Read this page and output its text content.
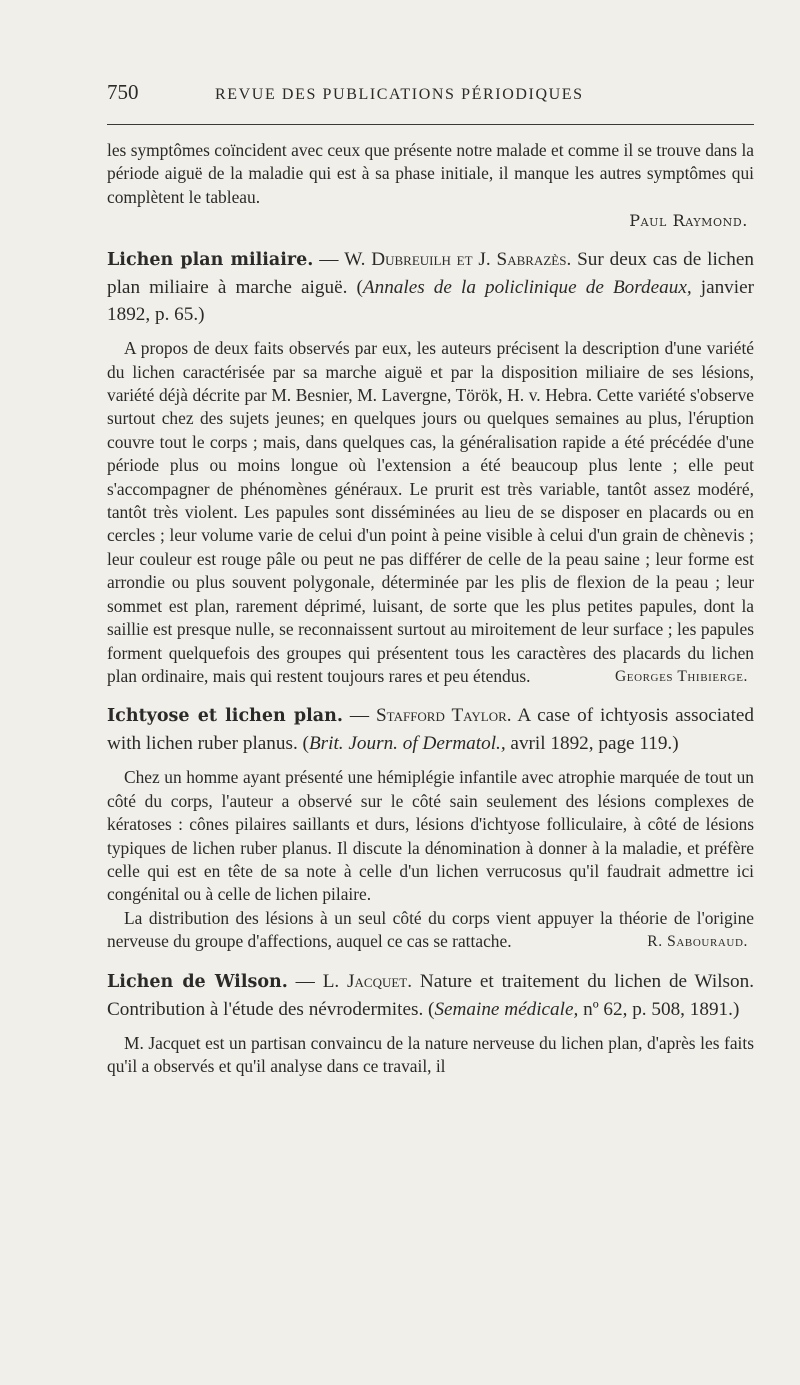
750	REVUE DES PUBLICATIONS PÉRIODIQUES

les symptômes coïncident avec ceux que présente notre malade et comme il se trouve dans la période aiguë de la maladie qui est à sa phase initiale, il manque les autres symptômes qui complètent le tableau.

Paul Raymond.
Lichen plan miliaire. — W. Dubreuilh et J. Sabrazès. Sur deux cas de lichen plan miliaire à marche aiguë. (Annales de la policlinique de Bordeaux, janvier 1892, p. 65.)

A propos de deux faits observés par eux, les auteurs précisent la description d'une variété du lichen caractérisée par sa marche aiguë et par la disposition miliaire de ses lésions, variété déjà décrite par M. Besnier, M. Lavergne, Török, H. v. Hebra. Cette variété s'observe surtout chez des sujets jeunes; en quelques jours ou quelques semaines au plus, l'éruption couvre tout le corps ; mais, dans quelques cas, la généralisation rapide a été précédée d'une période plus ou moins longue où l'extension a été beaucoup plus lente ; elle peut s'accompagner de phénomènes généraux. Le prurit est très variable, tantôt assez modéré, tantôt très violent. Les papules sont disséminées au lieu de se disposer en placards ou en cercles ; leur volume varie de celui d'un point à peine visible à celui d'un grain de chènevis ; leur couleur est rouge pâle ou peut ne pas différer de celle de la peau saine ; leur forme est arrondie ou plus souvent polygonale, déterminée par les plis de flexion de la peau ; leur sommet est plan, rarement déprimé, luisant, de sorte que les plus petites papules, dont la saillie est presque nulle, se reconnaissent surtout au miroitement de leur surface ; les papules forment quelquefois des groupes qui présentent tous les caractères des placards du lichen plan ordinaire, mais qui restent toujours rares et peu étendus.	Georges Thibierge.

Ichtyose et lichen plan. — Stafford Taylor. A case of ichtyosis associated with lichen ruber planus. (Brit. Journ. of Dermatol., avril 1892, page 119.)

Chez un homme ayant présenté une hémiplégie infantile avec atrophie marquée de tout un côté du corps, l'auteur a observé sur le côté sain seulement des lésions complexes de kératoses : cônes pilaires saillants et durs, lésions d'ichtyose folliculaire, à côté de lésions typiques de lichen ruber planus. Il discute la dénomination à donner à la maladie, et préfère celle qui est en tête de sa note à celle d'un lichen verrucosus qu'il faudrait admettre ici congénital ou à celle de lichen pilaire.

La distribution des lésions à un seul côté du corps vient appuyer la théorie de l'origine nerveuse du groupe d'affections, auquel ce cas se rattache.	R. Sabouraud.

Lichen de Wilson. — L. Jacquet. Nature et traitement du lichen de Wilson. Contribution à l'étude des névrodermites. (Semaine médicale, nº 62, p. 508, 1891.)

M. Jacquet est un partisan convaincu de la nature nerveuse du lichen plan, d'après les faits qu'il a observés et qu'il analyse dans ce travail, il
